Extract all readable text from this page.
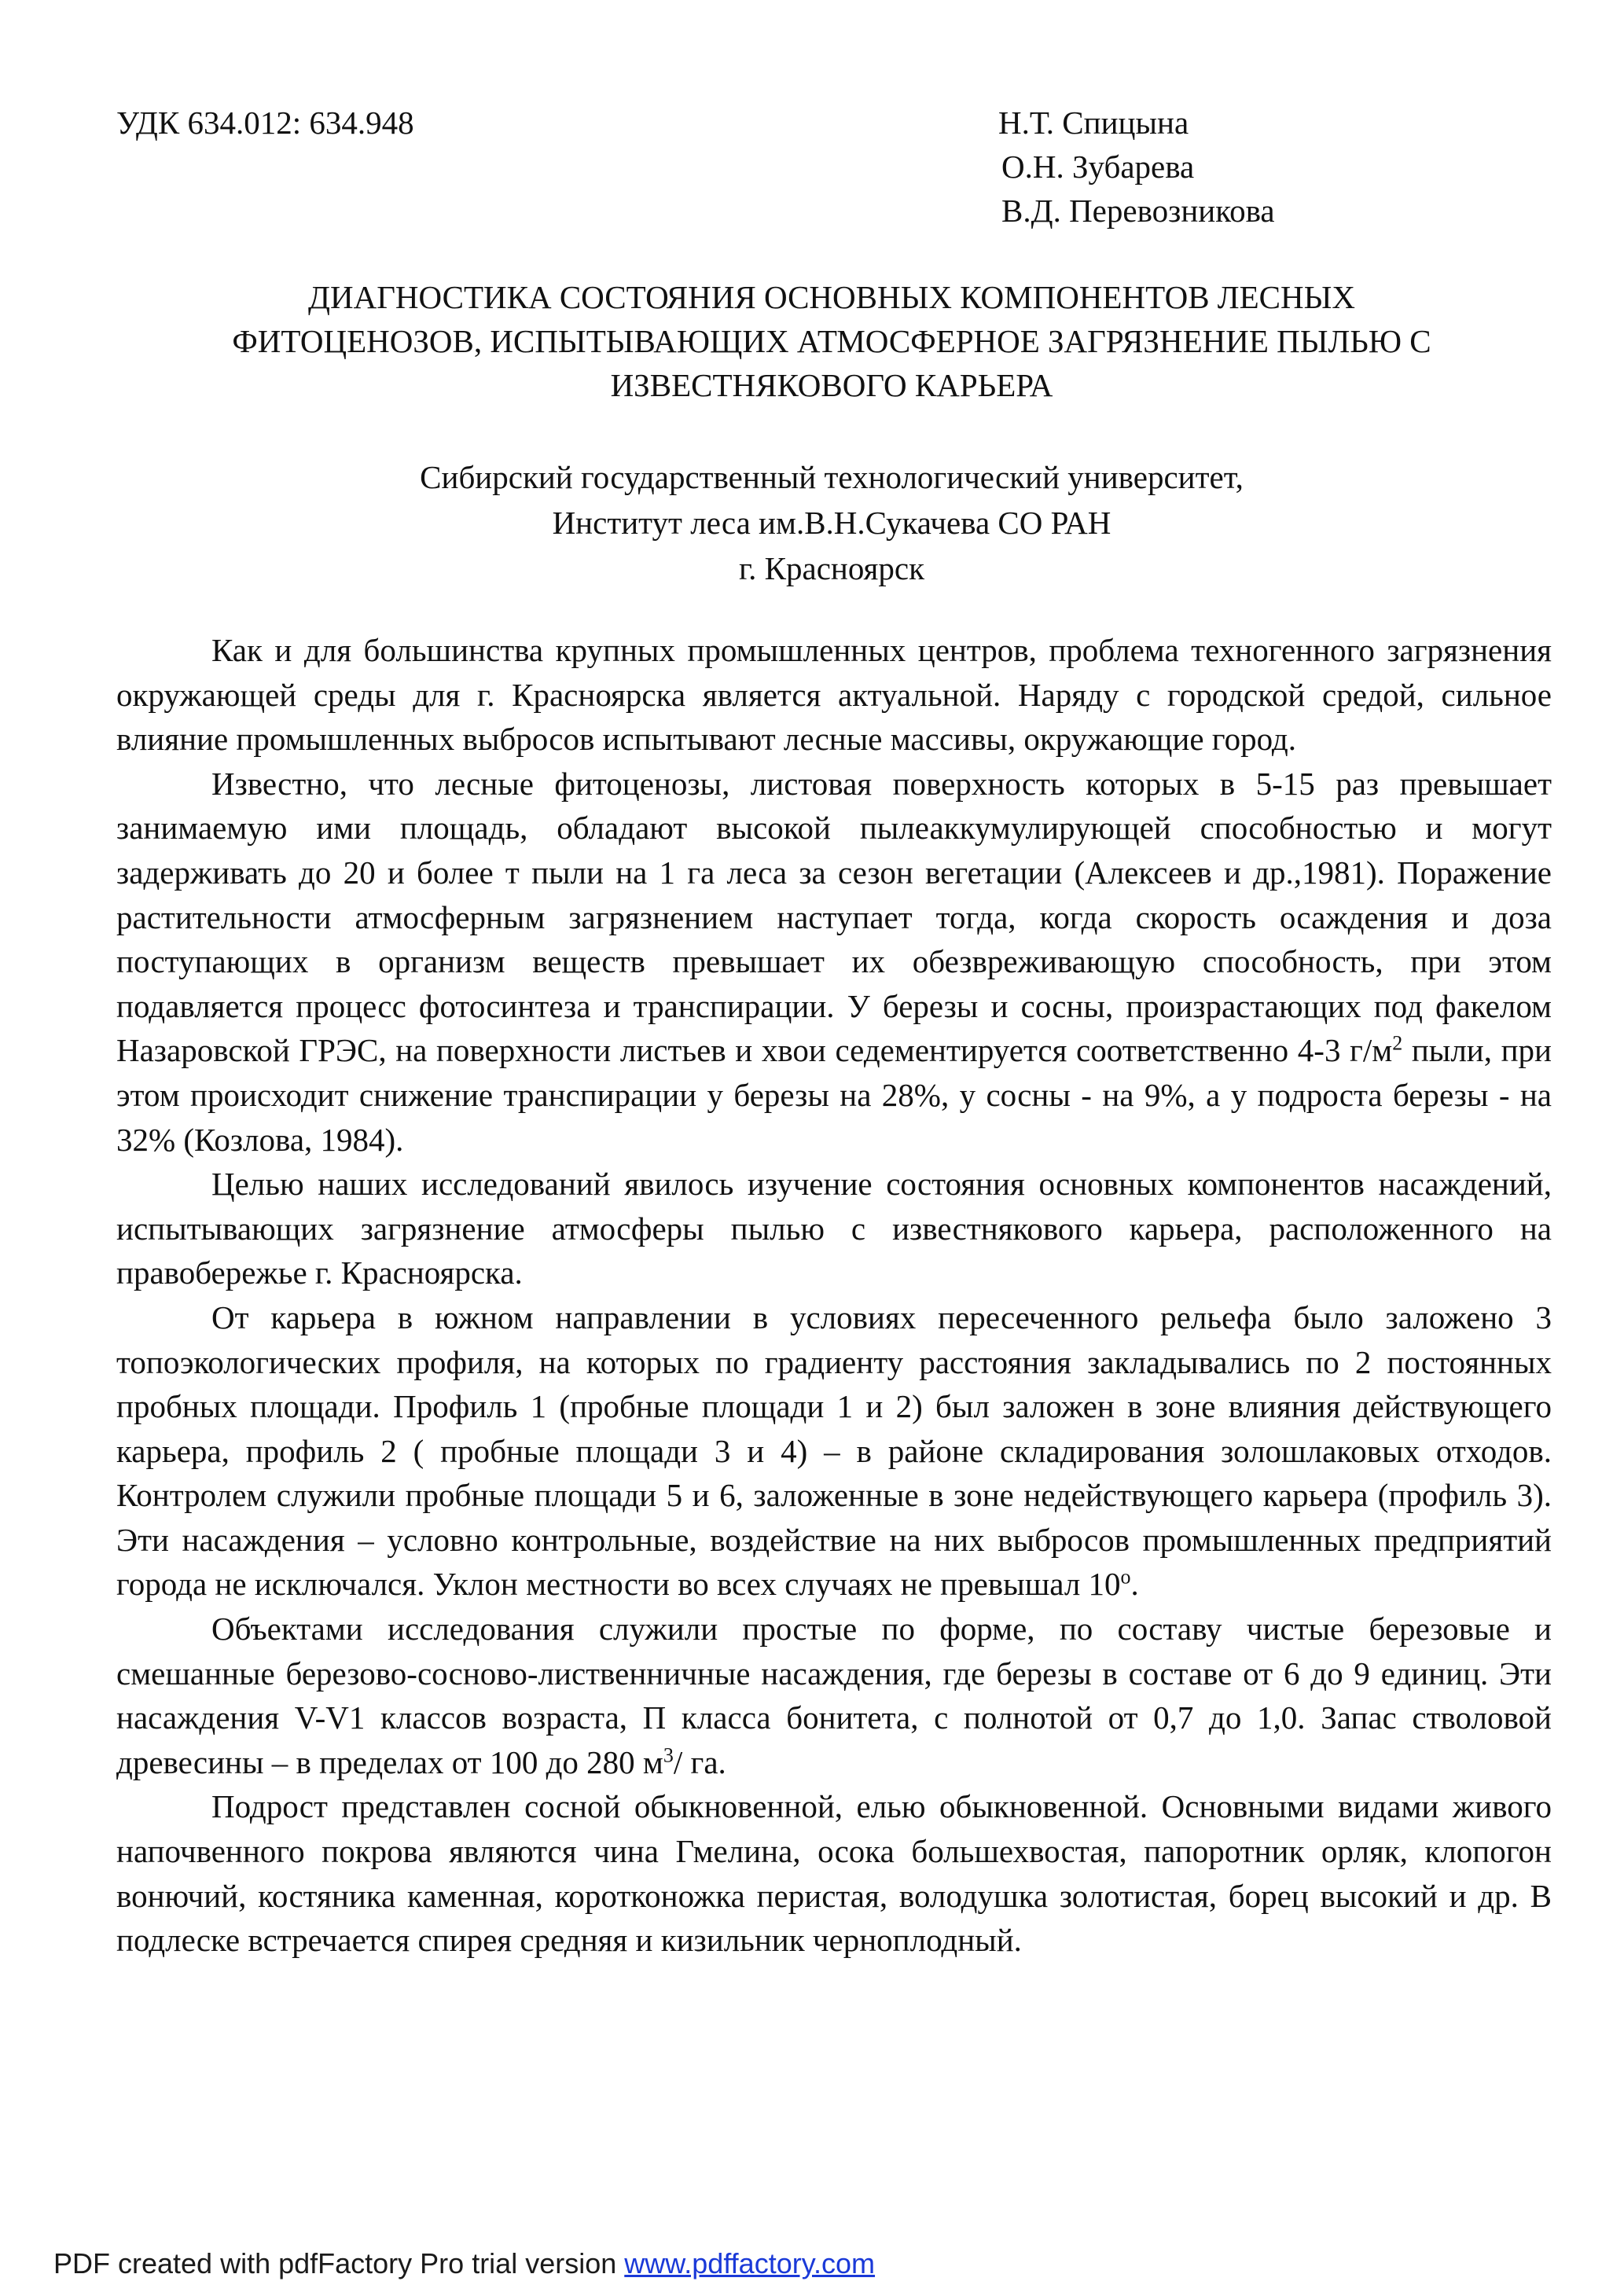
УДК 634.012: 634.948	Н.Т. Спицына
О.Н. Зубарева
В.Д. Перевозникова
ДИАГНОСТИКА СОСТОЯНИЯ ОСНОВНЫХ КОМПОНЕНТОВ ЛЕСНЫХ
ФИТОЦЕНОЗОВ, ИСПЫТЫВАЮЩИХ АТМОСФЕРНОЕ ЗАГРЯЗНЕНИЕ ПЫЛЬЮ С
ИЗВЕСТНЯКОВОГО КАРЬЕРА
Сибирский государственный технологический университет,
Институт леса им.В.Н.Сукачева СО РАН
г. Красноярск

Как и для большинства крупных промышленных центров, проблема техногенного загрязнения окружающей среды для г. Красноярска является актуальной. Наряду с городской средой, сильное влияние промышленных выбросов испытывают лесные массивы, окружающие город.

Известно, что лесные фитоценозы, листовая поверхность которых в 5-15 раз превышает занимаемую ими площадь, обладают высокой пылеаккумулирующей способностью и могут задерживать до 20 и более т пыли на 1 га леса за сезон вегетации (Алексеев и др.,1981). Поражение растительности атмосферным загрязнением наступает тогда, когда скорость осаждения и доза поступающих в организм веществ превышает их обезвреживающую способность, при этом подавляется процесс фотосинтеза и транспирации. У березы и сосны, произрастающих под факелом Назаровской ГРЭС, на поверхности листьев и хвои седементируется соответственно 4-3 $г/м^2$ пыли, при этом происходит снижение транспирации у березы на 28%, у сосны - на 9%, а у подроста березы - на 32% (Козлова, 1984).

Целью наших исследований явилось изучение состояния основных компонентов насаждений, испытывающих загрязнение атмосферы пылью с известнякового карьера, расположенного на правобережье г. Красноярска.

От карьера в южном направлении в условиях пересеченного рельефа было заложено 3 топоэкологических профиля, на которых по градиенту расстояния закладывались по 2 постоянных пробных площади. Профиль 1 (пробные площади 1 и 2) был заложен в зоне влияния действующего карьера, профиль 2 ( пробные площади 3 и 4) – в районе складирования золошлаковых отходов. Контролем служили пробные площади 5 и 6, заложенные в зоне недействующего карьера (профиль 3). Эти насаждения – условно контрольные, воздействие на них выбросов промышленных предприятий города не исключался. Уклон местности во всех случаях не превышал $10^о$.

Объектами исследования служили простые по форме, по составу чистые березовые и смешанные березово-сосново-лиственничные насаждения, где березы в составе от 6 до 9 единиц. Эти насаждения V-V1 классов возраста, П класса бонитета, с полнотой от 0,7 до 1,0. Запас стволовой древесины – в пределах от 100 до 280 $м^3/$ га.

Подрост представлен сосной обыкновенной, елью обыкновенной. Основными видами живого напочвенного покрова являются чина Гмелина, осока большехвостая, папоротник орляк, клопогон вонючий, костяника каменная, коротконожка перистая, володушка золотистая, борец высокий и др. В подлеске встречается спирея средняя и кизильник черноплодный.

PDF created with pdfFactory Pro trial version www.pdffactory.com
